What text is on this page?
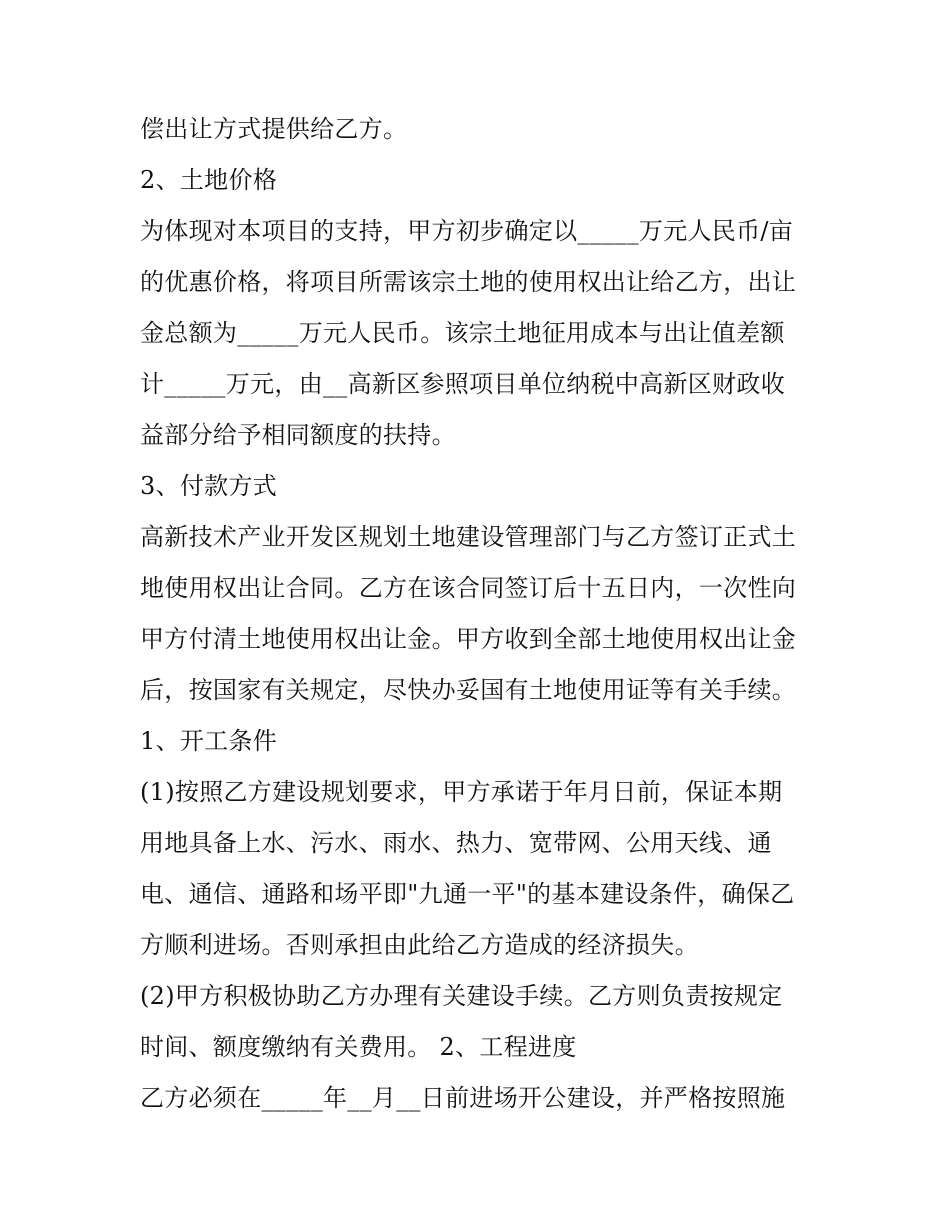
偿出让方式提供给乙方。
2、土地价格
为体现对本项目的支持，甲方初步确定以_____万元人民币/亩
的优惠价格，将项目所需该宗土地的使用权出让给乙方，出让
金总额为_____万元人民币。该宗土地征用成本与出让值差额
计_____万元，由__高新区参照项目单位纳税中高新区财政收
益部分给予相同额度的扶持。
3、付款方式
高新技术产业开发区规划土地建设管理部门与乙方签订正式土
地使用权出让合同。乙方在该合同签订后十五日内，一次性向
甲方付清土地使用权出让金。甲方收到全部土地使用权出让金
后，按国家有关规定，尽快办妥国有土地使用证等有关手续。
1、开工条件
(1)按照乙方建设规划要求，甲方承诺于年月日前，保证本期
用地具备上水、污水、雨水、热力、宽带网、公用天线、通
电、通信、通路和场平即"九通一平"的基本建设条件，确保乙
方顺利进场。否则承担由此给乙方造成的经济损失。
(2)甲方积极协助乙方办理有关建设手续。乙方则负责按规定
时间、额度缴纳有关费用。 2、工程进度
乙方必须在_____年__月__日前进场开公建设，并严格按照施
